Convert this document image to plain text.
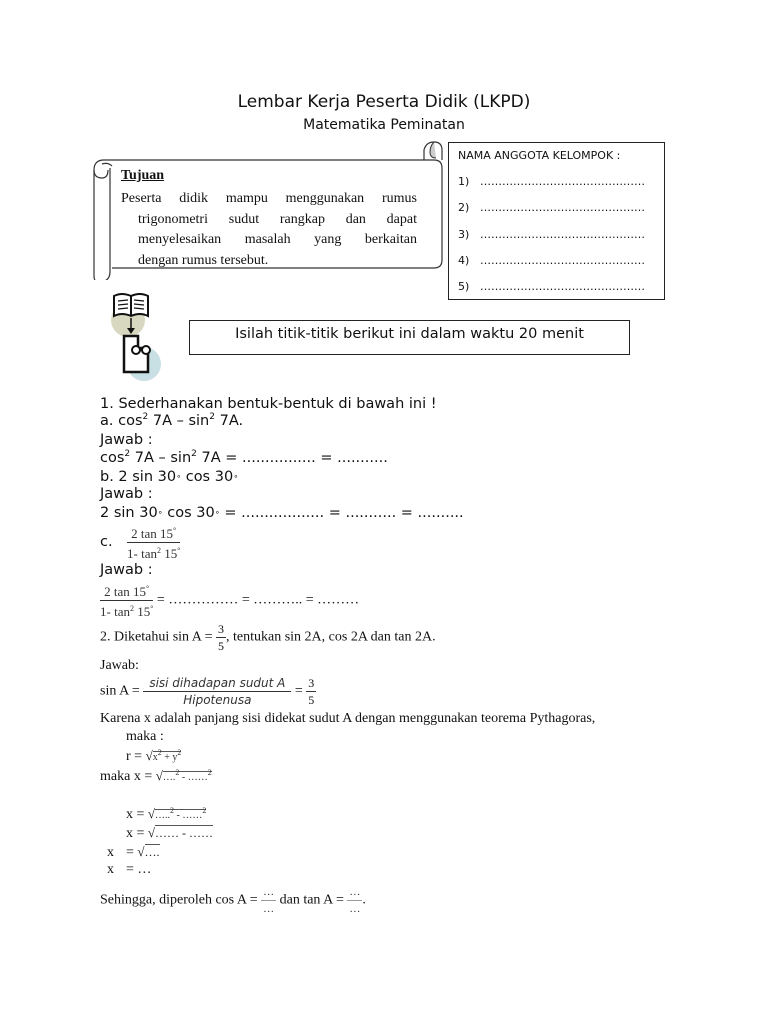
Lembar Kerja Peserta Didik (LKPD)
Matematika Peminatan
Tujuan
Peserta didik mampu menggunakan rumus
trigonometri sudut rangkap dan dapat
menyelesaikan masalah yang berkaitan
dengan rumus tersebut.
NAMA ANGGOTA KELOMPOK :
1) ………………………………………
2) ………………………………………
3) ………………………………………
4) ………………………………………
5) ………………………………………
Isilah titik-titik berikut ini dalam waktu 20 menit
1. Sederhanakan bentuk-bentuk di bawah ini !
a. $\cos^2 7A - \sin^2 7A$.
Jawab :
$\cos^2 7A - \sin^2 7A$ = ................ = ...........
b. 2 sin 30∘ cos 30∘
Jawab :
2 sin 30∘ cos 30∘ = .................. = ........... = ..........
c. $\frac{2 \tan 15^\circ}{1- \tan^2 15^\circ}$
Jawab :
$\frac{2 \tan 15^\circ}{1- \tan^2 15^\circ}$ = …………… = ……….. = ………
2. Diketahui $\sin A = \frac{3}{5}$ , tentukan sin 2A, cos 2A dan tan 2A.
Jawab:
$\sin A = \frac{\text{sisi dihadapan sudut A}}{\text{Hipotenusa}} = \frac{3}{5}$
Karena x adalah panjang sisi didekat sudut A dengan menggunakan teorema Pythagoras,
maka :
$r = √x^2 + y^2$
maka x = √….$^2$ - ……$^2$
x = √…..$^2$ - ……$^2$
x = √…… - ……
x = √….
x = …
Sehingga, diperoleh $\cos A = \frac{\dots}{\dots}$ dan $\tan A = \frac{\dots}{\dots}$ .
